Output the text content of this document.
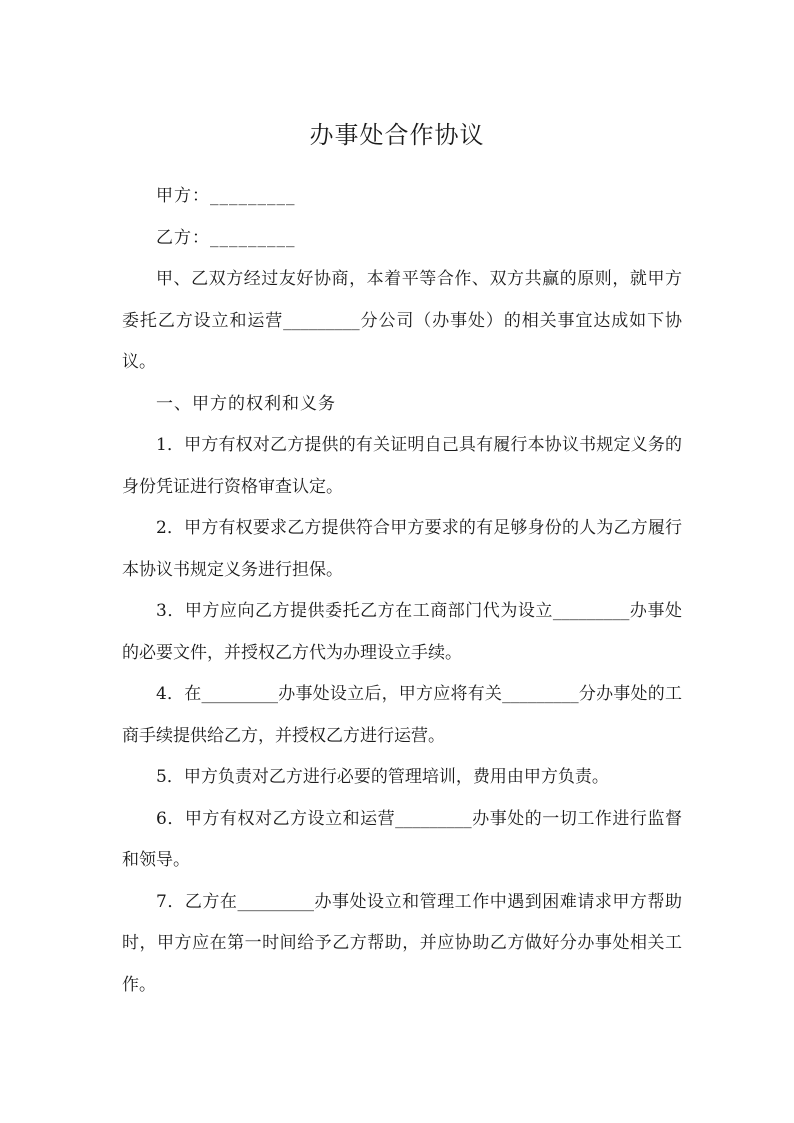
办事处合作协议

甲方：_________

乙方：_________

甲、乙双方经过友好协商，本着平等合作、双方共赢的原则，就甲方委托乙方设立和运营_________分公司（办事处）的相关事宜达成如下协议。

一、甲方的权利和义务

1．甲方有权对乙方提供的有关证明自己具有履行本协议书规定义务的身份凭证进行资格审查认定。

2．甲方有权要求乙方提供符合甲方要求的有足够身份的人为乙方履行本协议书规定义务进行担保。

3．甲方应向乙方提供委托乙方在工商部门代为设立_________办事处的必要文件，并授权乙方代为办理设立手续。

4．在_________办事处设立后，甲方应将有关_________分办事处的工商手续提供给乙方，并授权乙方进行运营。

5．甲方负责对乙方进行必要的管理培训，费用由甲方负责。

6．甲方有权对乙方设立和运营_________办事处的一切工作进行监督和领导。

7．乙方在_________办事处设立和管理工作中遇到困难请求甲方帮助时，甲方应在第一时间给予乙方帮助，并应协助乙方做好分办事处相关工作。
